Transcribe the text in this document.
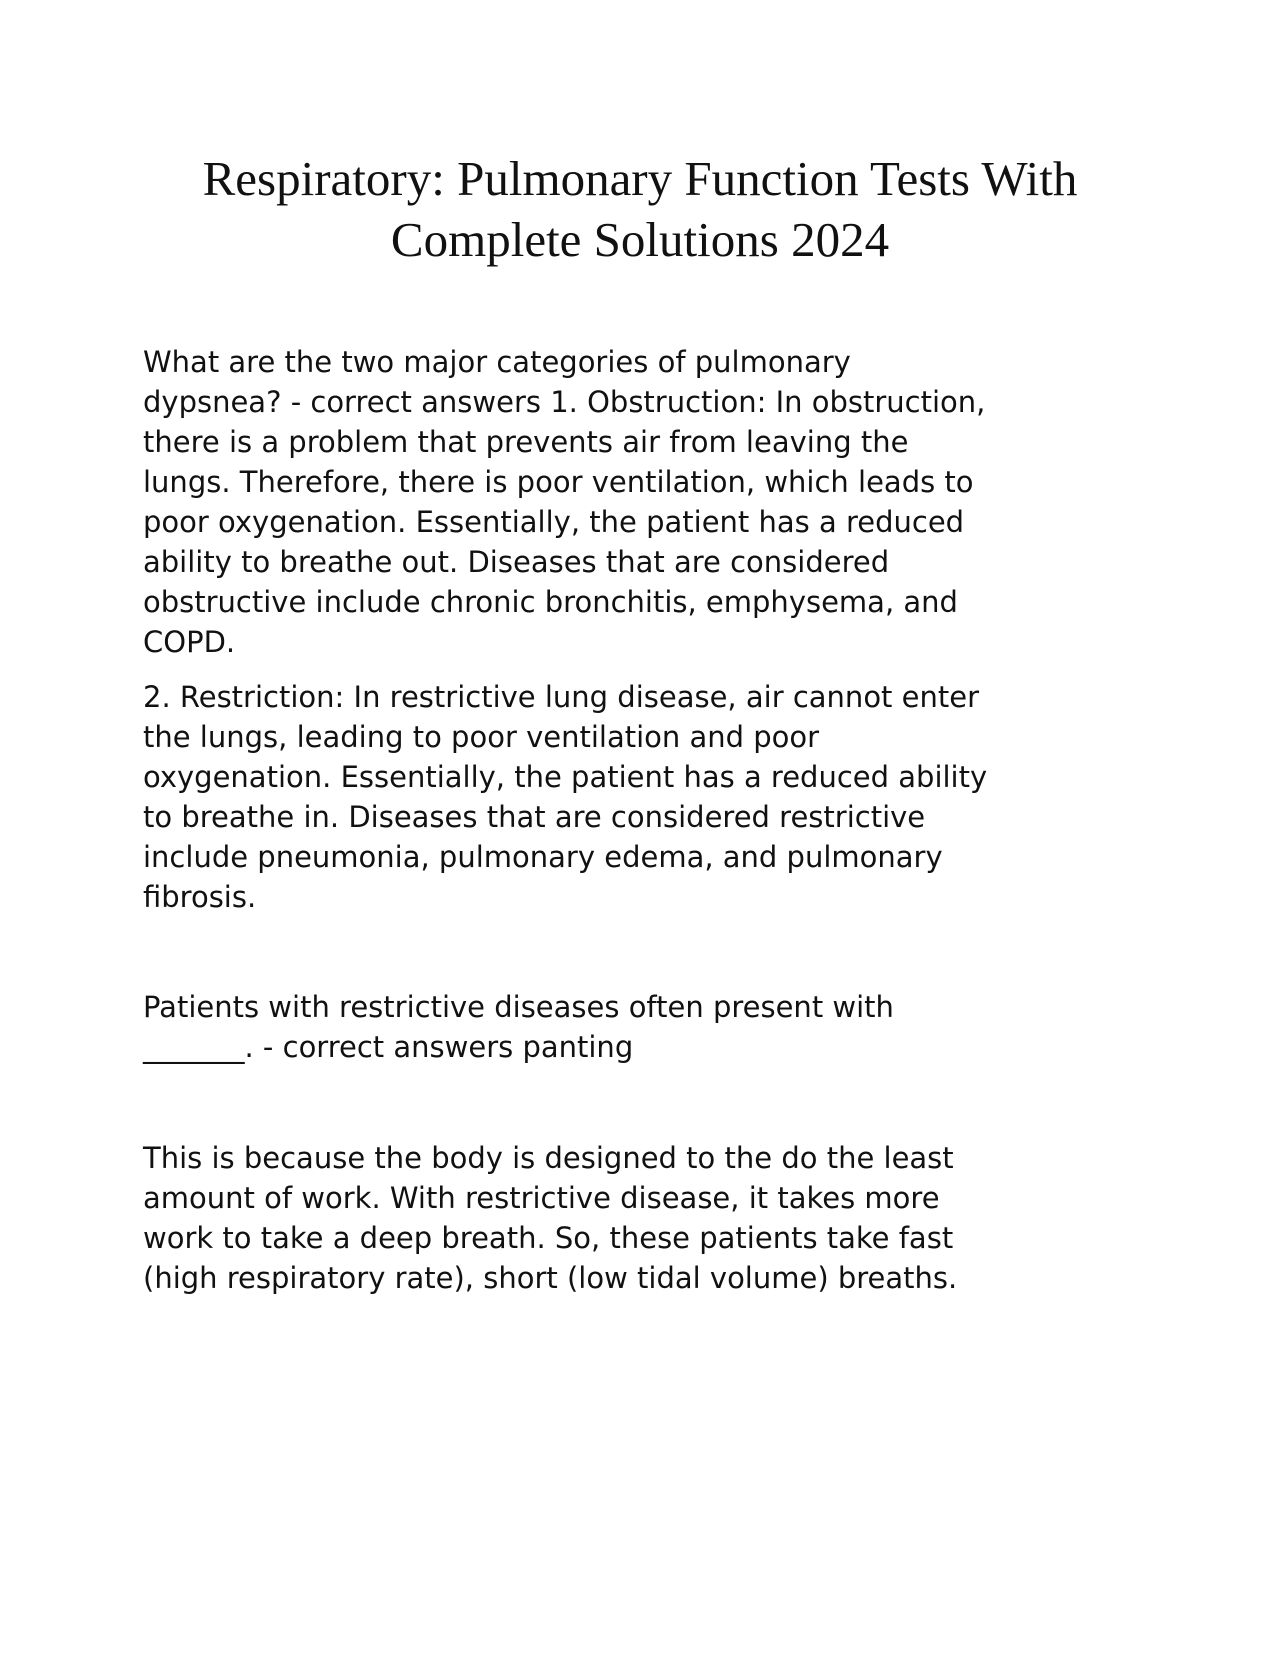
Respiratory: Pulmonary Function Tests With
Complete Solutions 2024
What are the two major categories of pulmonary
dypsnea? - correct answers 1. Obstruction: In obstruction,
there is a problem that prevents air from leaving the
lungs. Therefore, there is poor ventilation, which leads to
poor oxygenation. Essentially, the patient has a reduced
ability to breathe out. Diseases that are considered
obstructive include chronic bronchitis, emphysema, and
COPD.
2. Restriction: In restrictive lung disease, air cannot enter
the lungs, leading to poor ventilation and poor
oxygenation. Essentially, the patient has a reduced ability
to breathe in. Diseases that are considered restrictive
include pneumonia, pulmonary edema, and pulmonary
fibrosis.
Patients with restrictive diseases often present with
_______. - correct answers panting
This is because the body is designed to the do the least
amount of work. With restrictive disease, it takes more
work to take a deep breath. So, these patients take fast
(high respiratory rate), short (low tidal volume) breaths.
